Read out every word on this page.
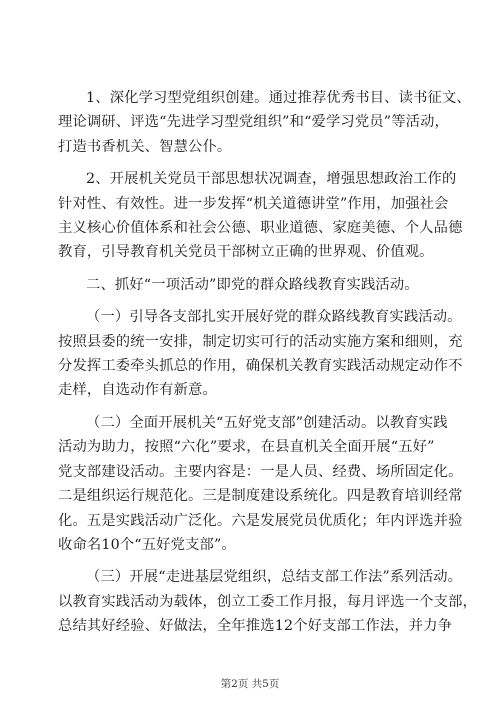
1、深化学习型党组织创建。通过推荐优秀书目、读书征文、
理论调研、评选“先进学习型党组织”和“爱学习党员”等活动，
打造书香机关、智慧公仆。

2、开展机关党员干部思想状况调查，增强思想政治工作的
针对性、有效性。进一步发挥“机关道德讲堂”作用，加强社会
主义核心价值体系和社会公德、职业道德、家庭美德、个人品德
教育，引导教育机关党员干部树立正确的世界观、价值观。

二、抓好“一项活动”即党的群众路线教育实践活动。

（一）引导各支部扎实开展好党的群众路线教育实践活动。
按照县委的统一安排，制定切实可行的活动实施方案和细则，充
分发挥工委牵头抓总的作用，确保机关教育实践活动规定动作不
走样，自选动作有新意。

（二）全面开展机关“五好党支部”创建活动。以教育实践
活动为助力，按照“六化”要求，在县直机关全面开展“五好”
党支部建设活动。主要内容是：一是人员、经费、场所固定化。
二是组织运行规范化。三是制度建设系统化。四是教育培训经常
化。五是实践活动广泛化。六是发展党员优质化；年内评选并验
收命名10个“五好党支部”。

（三）开展“走进基层党组织，总结支部工作法”系列活动。
以教育实践活动为载体，创立工委工作月报，每月评选一个支部，
总结其好经验、好做法，全年推选12个好支部工作法，并力争

第2页 共5页
